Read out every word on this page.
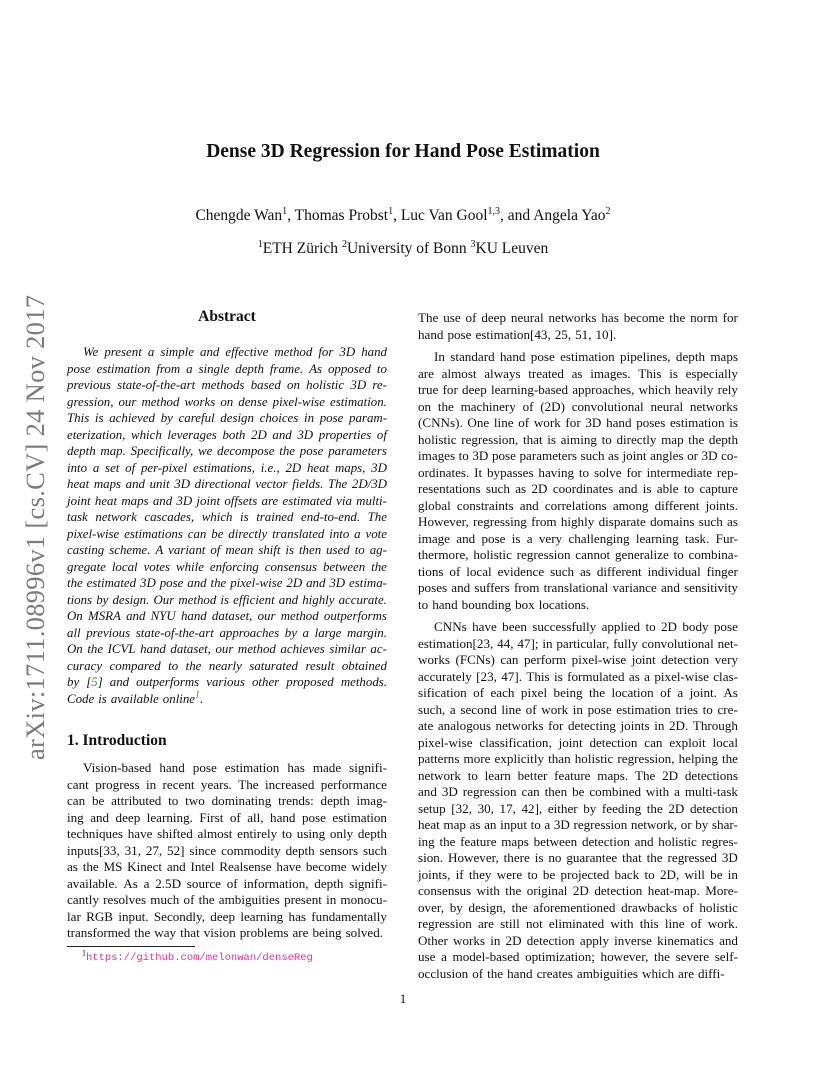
arXiv:1711.08996v1 [cs.CV] 24 Nov 2017
Dense 3D Regression for Hand Pose Estimation
Chengde Wan$^1$, Thomas Probst$^1$, Luc Van Gool$^{1,3}$, and Angela Yao$^2$
$^1$ETH Zürich $^2$University of Bonn $^3$KU Leuven
Abstract
We present a simple and effective method for 3D hand
pose estimation from a single depth frame. As opposed to
previous state-of-the-art methods based on holistic 3D re-
gression, our method works on dense pixel-wise estimation.
This is achieved by careful design choices in pose param-
eterization, which leverages both 2D and 3D properties of
depth map. Specifically, we decompose the pose parameters
into a set of per-pixel estimations, i.e., 2D heat maps, 3D
heat maps and unit 3D directional vector fields. The 2D/3D
joint heat maps and 3D joint offsets are estimated via multi-
task network cascades, which is trained end-to-end. The
pixel-wise estimations can be directly translated into a vote
casting scheme. A variant of mean shift is then used to ag-
gregate local votes while enforcing consensus between the
the estimated 3D pose and the pixel-wise 2D and 3D estima-
tions by design. Our method is efficient and highly accurate.
On MSRA and NYU hand dataset, our method outperforms
all previous state-of-the-art approaches by a large margin.
On the ICVL hand dataset, our method achieves similar ac-
curacy compared to the nearly saturated result obtained
by [5] and outperforms various other proposed methods.
Code is available online$^1$.
1. Introduction
Vision-based hand pose estimation has made signifi-
cant progress in recent years. The increased performance
can be attributed to two dominating trends: depth imag-
ing and deep learning. First of all, hand pose estimation
techniques have shifted almost entirely to using only depth
inputs[33, 31, 27, 52] since commodity depth sensors such
as the MS Kinect and Intel Realsense have become widely
available. As a 2.5D source of information, depth signifi-
cantly resolves much of the ambiguities present in monocu-
lar RGB input. Secondly, deep learning has fundamentally
transformed the way that vision problems are being solved.
The use of deep neural networks has become the norm for
hand pose estimation[43, 25, 51, 10].
In standard hand pose estimation pipelines, depth maps
are almost always treated as images. This is especially
true for deep learning-based approaches, which heavily rely
on the machinery of (2D) convolutional neural networks
(CNNs). One line of work for 3D hand poses estimation is
holistic regression, that is aiming to directly map the depth
images to 3D pose parameters such as joint angles or 3D co-
ordinates. It bypasses having to solve for intermediate rep-
resentations such as 2D coordinates and is able to capture
global constraints and correlations among different joints.
However, regressing from highly disparate domains such as
image and pose is a very challenging learning task. Fur-
thermore, holistic regression cannot generalize to combina-
tions of local evidence such as different individual finger
poses and suffers from translational variance and sensitivity
to hand bounding box locations.
CNNs have been successfully applied to 2D body pose
estimation[23, 44, 47]; in particular, fully convolutional net-
works (FCNs) can perform pixel-wise joint detection very
accurately [23, 47]. This is formulated as a pixel-wise clas-
sification of each pixel being the location of a joint. As
such, a second line of work in pose estimation tries to cre-
ate analogous networks for detecting joints in 2D. Through
pixel-wise classification, joint detection can exploit local
patterns more explicitly than holistic regression, helping the
network to learn better feature maps. The 2D detections
and 3D regression can then be combined with a multi-task
setup [32, 30, 17, 42], either by feeding the 2D detection
heat map as an input to a 3D regression network, or by shar-
ing the feature maps between detection and holistic regres-
sion. However, there is no guarantee that the regressed 3D
joints, if they were to be projected back to 2D, will be in
consensus with the original 2D detection heat-map. More-
over, by design, the aforementioned drawbacks of holistic
regression are still not eliminated with this line of work.
Other works in 2D detection apply inverse kinematics and
use a model-based optimization; however, the severe self-
occlusion of the hand creates ambiguities which are diffi-
$^1$https://github.com/melonwan/denseReg
1
